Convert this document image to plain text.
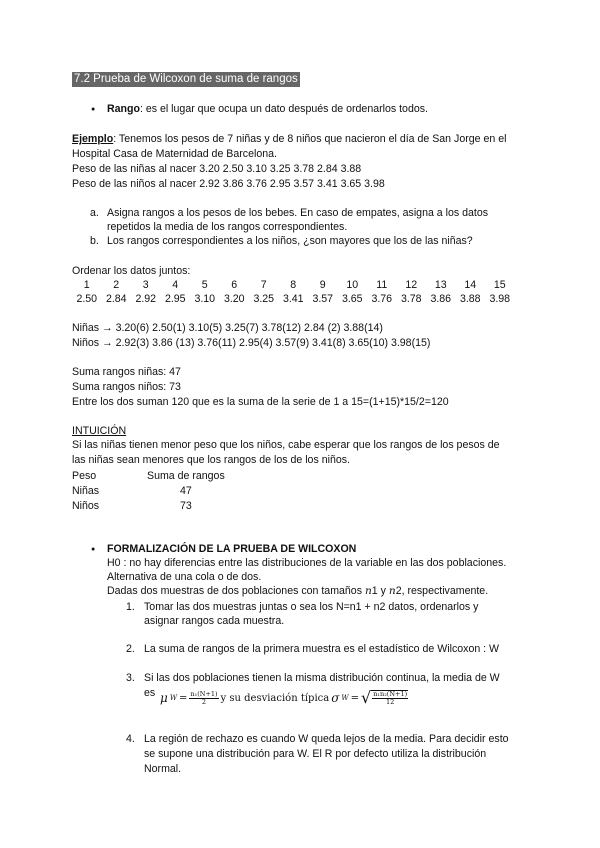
7.2 Prueba de Wilcoxon de suma de rangos
● Rango: es el lugar que ocupa un dato después de ordenarlos todos.
Ejemplo: Tenemos los pesos de 7 niñas y de 8 niños que nacieron el día de San Jorge en el
Hospital Casa de Maternidad de Barcelona.
Peso de las niñas al nacer 3.20 2.50 3.10 3.25 3.78 2.84 3.88
Peso de las niños al nacer 2.92 3.86 3.76 2.95 3.57 3.41 3.65 3.98
a. Asigna rangos a los pesos de los bebes. En caso de empates, asigna a los datos
repetidos la media de los rangos correspondientes.
b. Los rangos correspondientes a los niños, ¿son mayores que los de las niñas?
Ordenar los datos juntos:
1 2 3 4 5 6 7 8 9 10 11 12 13 14 15
2.50 2.84 2.92 2.95 3.10 3.20 3.25 3.41 3.57 3.65 3.76 3.78 3.86 3.88 3.98
Niñas → 3.20(6) 2.50(1) 3.10(5) 3.25(7) 3.78(12) 2.84 (2) 3.88(14)
Niños → 2.92(3) 3.86 (13) 3.76(11) 2.95(4) 3.57(9) 3.41(8) 3.65(10) 3.98(15)
Suma rangos niñas: 47
Suma rangos niños: 73
Entre los dos suman 120 que es la suma de la serie de 1 a 15=(1+15)*15/2=120
INTUICIÓN
Si las niñas tienen menor peso que los niños, cabe esperar que los rangos de los pesos de
las niñas sean menores que los rangos de los de los niños.
Peso	Suma de rangos
Niñas	47
Niños	73
● FORMALIZACIÓN DE LA PRUEBA DE WILCOXON
H0 : no hay diferencias entre las distribuciones de la variable en las dos poblaciones.
Alternativa de una cola o de dos.
Dadas dos muestras de dos poblaciones con tamaños n1 y n2, respectivamente.
1. Tomar las dos muestras juntas o sea los N=n1 + n2 datos, ordenarlos y
asignar rangos cada muestra.
2. La suma de rangos de la primera muestra es el estadístico de Wilcoxon : W
3. Si las dos poblaciones tienen la misma distribución continua, la media de W
es μ $W = \frac{\text{n₁(N+1)}}{2}$ y su desviación típica σ W = √ $\frac{\text{n₁n₂(N+1)}}{12}$
4. La región de rechazo es cuando W queda lejos de la media. Para decidir esto
se supone una distribución para W. El R por defecto utiliza la distribución
Normal.
